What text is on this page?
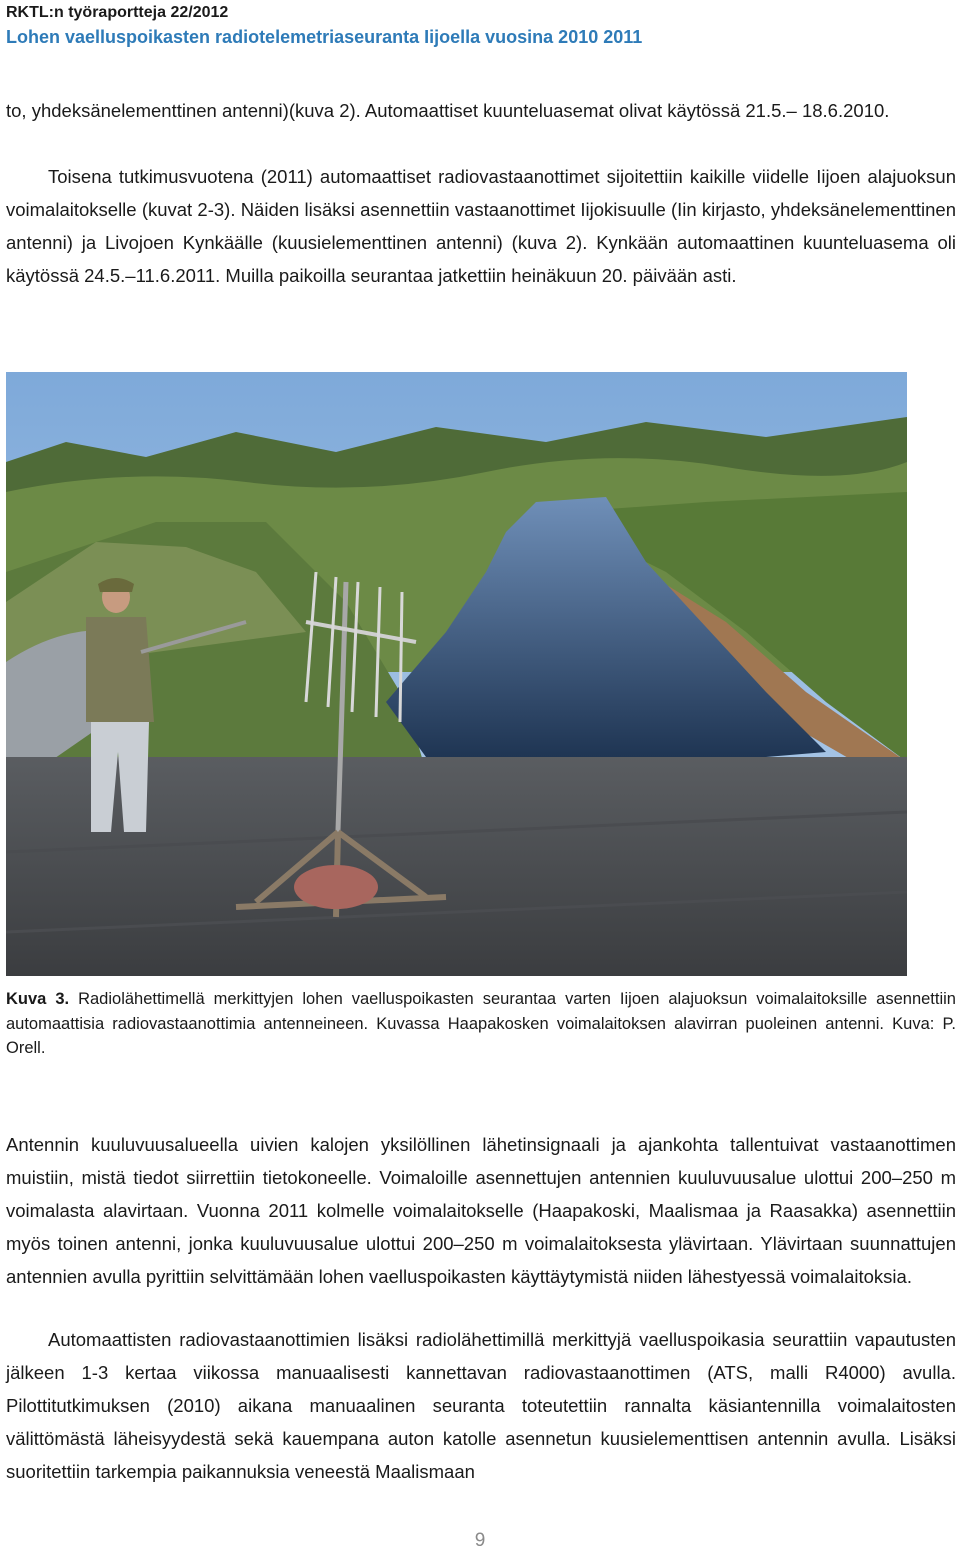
RKTL:n työraportteja 22/2012
Lohen vaelluspoikasten radiotelemetriaseuranta Iijoella vuosina 2010 2011

to, yhdeksänelementtinen antenni)(kuva 2). Automaattiset kuunteluasemat olivat käytössä 21.5.– 18.6.2010.

Toisena tutkimusvuotena (2011) automaattiset radiovastaanottimet sijoitettiin kaikille viidelle Iijoen alajuoksun voimalaitokselle (kuvat 2-3). Näiden lisäksi asennettiin vastaanottimet Iijokisuulle (Iin kirjasto, yhdeksänelementtinen antenni) ja Livojoen Kynkäälle (kuusielementtinen antenni) (kuva 2). Kynkään automaattinen kuunteluasema oli käytössä 24.5.–11.6.2011. Muilla paikoilla seurantaa jatkettiin heinäkuun 20. päivään asti.

Kuva 3. Radiolähettimellä merkittyjen lohen vaelluspoikasten seurantaa varten Iijoen alajuoksun voimalaitoksille asennettiin automaattisia radiovastaanottimia antenneineen. Kuvassa Haapakosken voimalaitoksen alavirran puoleinen antenni. Kuva: P. Orell.

Antennin kuuluvuusalueella uivien kalojen yksilöllinen lähetinsignaali ja ajankohta tallentuivat vastaanottimen muistiin, mistä tiedot siirrettiin tietokoneelle. Voimaloille asennettujen antennien kuuluvuusalue ulottui 200–250 m voimalasta alavirtaan. Vuonna 2011 kolmelle voimalaitokselle (Haapakoski, Maalismaa ja Raasakka) asennettiin myös toinen antenni, jonka kuuluvuusalue ulottui 200–250 m voimalaitoksesta ylävirtaan. Ylävirtaan suunnattujen antennien avulla pyrittiin selvittämään lohen vaelluspoikasten käyttäytymistä niiden lähestyessä voimalaitoksia.

Automaattisten radiovastaanottimien lisäksi radiolähettimillä merkittyjä vaelluspoikasia seurattiin vapautusten jälkeen 1-3 kertaa viikossa manuaalisesti kannettavan radiovastaanottimen (ATS, malli R4000) avulla. Pilottitutkimuksen (2010) aikana manuaalinen seuranta toteutettiin rannalta käsiantennilla voimalaitosten välittömästä läheisyydestä sekä kauempana auton katolle asennetun kuusielementtisen antennin avulla. Lisäksi suoritettiin tarkempia paikannuksia veneestä Maalismaan

9
